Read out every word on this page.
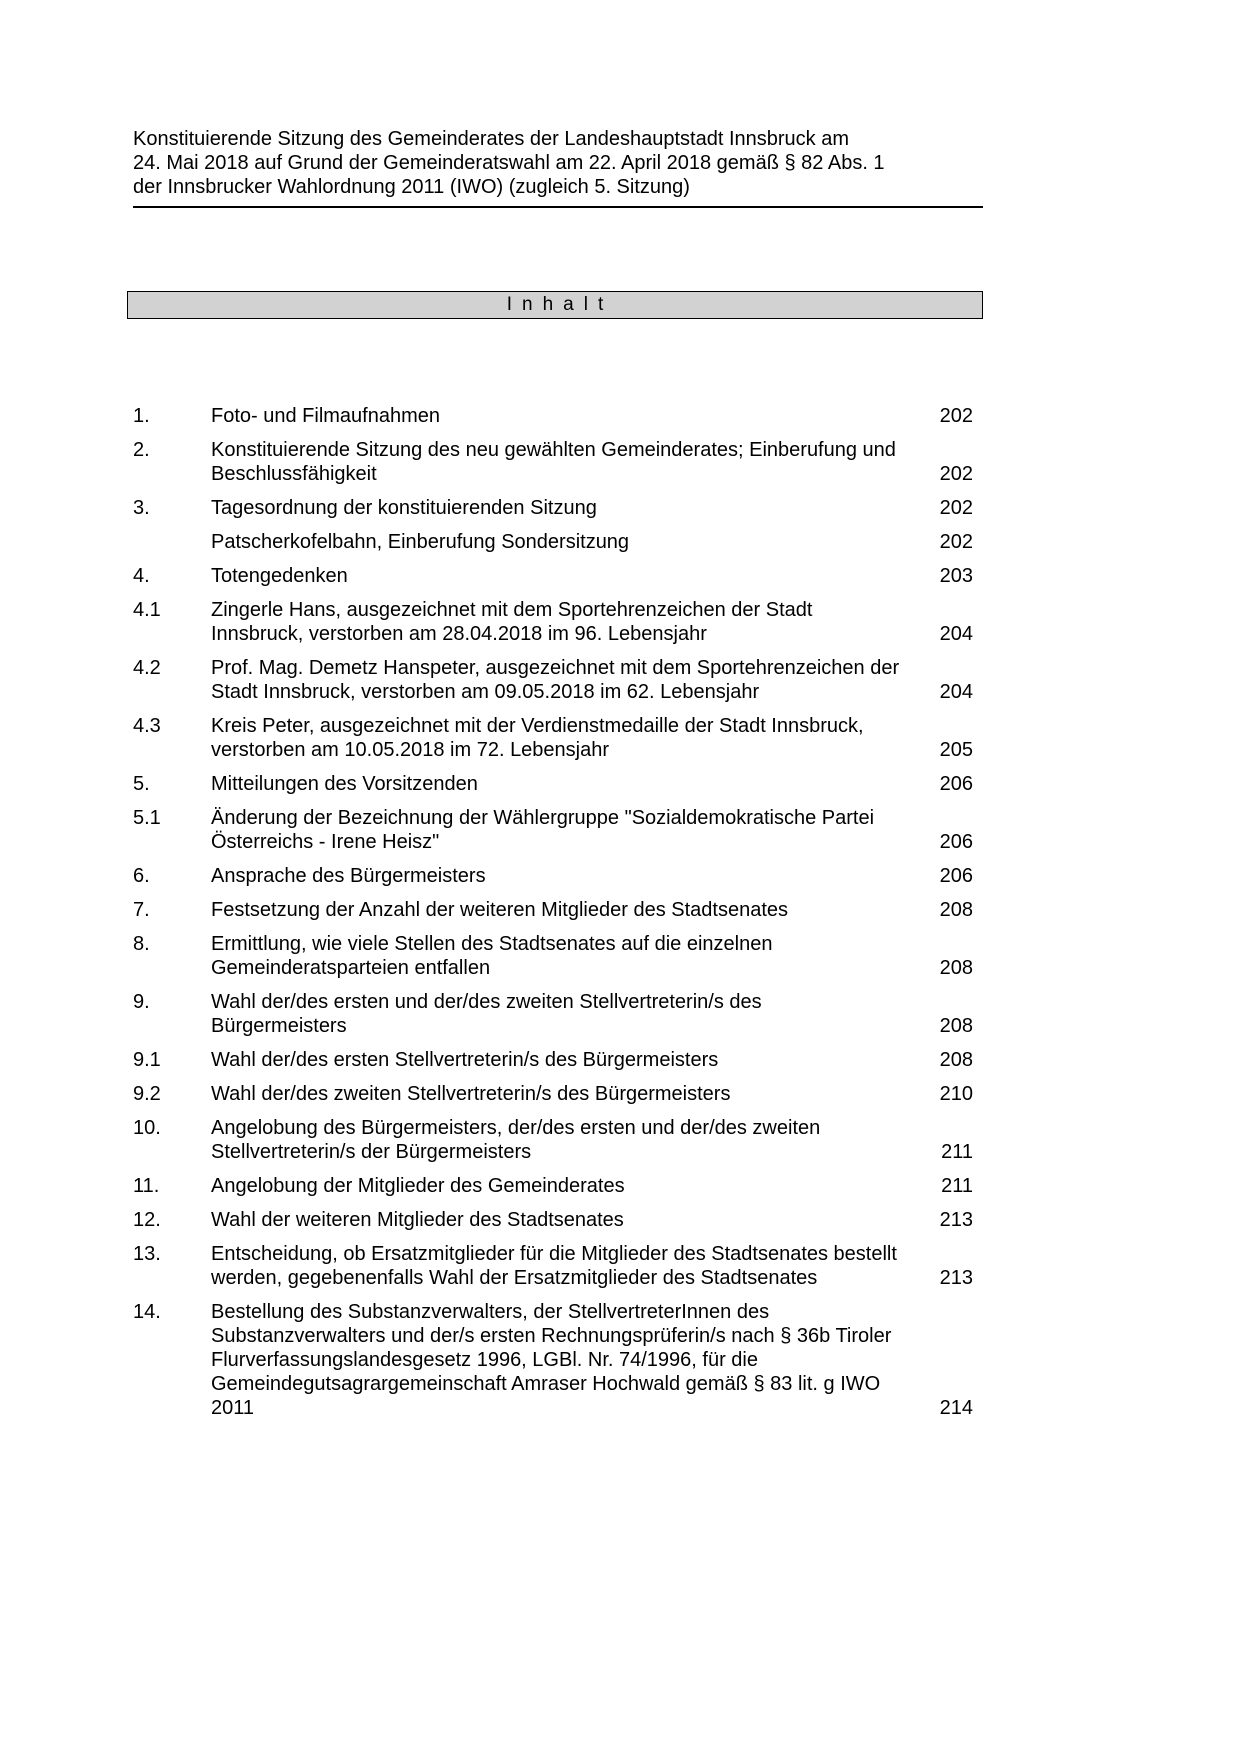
Konstituierende Sitzung des Gemeinderates der Landeshauptstadt Innsbruck am
24. Mai 2018 auf Grund der Gemeinderatswahl am 22. April 2018 gemäß § 82 Abs. 1
der Innsbrucker Wahlordnung 2011 (IWO) (zugleich 5. Sitzung)
Inhalt
1.	Foto- und Filmaufnahmen	202
2.	Konstituierende Sitzung des neu gewählten Gemeinderates; Einberufung und Beschlussfähigkeit	202
3.	Tagesordnung der konstituierenden Sitzung	202
Patscherkofelbahn, Einberufung Sondersitzung	202
4.	Totengedenken	203
4.1	Zingerle Hans, ausgezeichnet mit dem Sportehrenzeichen der Stadt Innsbruck, verstorben am 28.04.2018 im 96. Lebensjahr	204
4.2	Prof. Mag. Demetz Hanspeter, ausgezeichnet mit dem Sportehrenzeichen der Stadt Innsbruck, verstorben am 09.05.2018 im 62. Lebensjahr	204
4.3	Kreis Peter, ausgezeichnet mit der Verdienstmedaille der Stadt Innsbruck, verstorben am 10.05.2018 im 72. Lebensjahr	205
5.	Mitteilungen des Vorsitzenden	206
5.1	Änderung der Bezeichnung der Wählergruppe "Sozialdemokratische Partei Österreichs - Irene Heisz"	206
6.	Ansprache des Bürgermeisters	206
7.	Festsetzung der Anzahl der weiteren Mitglieder des Stadtsenates	208
8.	Ermittlung, wie viele Stellen des Stadtsenates auf die einzelnen Gemeinderatsparteien entfallen	208
9.	Wahl der/des ersten und der/des zweiten Stellvertreterin/s des Bürgermeisters	208
9.1	Wahl der/des ersten Stellvertreterin/s des Bürgermeisters	208
9.2	Wahl der/des zweiten Stellvertreterin/s des Bürgermeisters	210
10.	Angelobung des Bürgermeisters, der/des ersten und der/des zweiten Stellvertreterin/s der Bürgermeisters	211
11.	Angelobung der Mitglieder des Gemeinderates	211
12.	Wahl der weiteren Mitglieder des Stadtsenates	213
13.	Entscheidung, ob Ersatzmitglieder für die Mitglieder des Stadtsenates bestellt werden, gegebenenfalls Wahl der Ersatzmitglieder des Stadtsenates	213
14.	Bestellung des Substanzverwalters, der StellvertreterInnen des Substanzverwalters und der/s ersten Rechnungsprüferin/s nach § 36b Tiroler Flurverfassungslandesgesetz 1996, LGBl. Nr. 74/1996, für die Gemeindegutsagrargemeinschaft Amraser Hochwald gemäß § 83 lit. g IWO 2011	214
